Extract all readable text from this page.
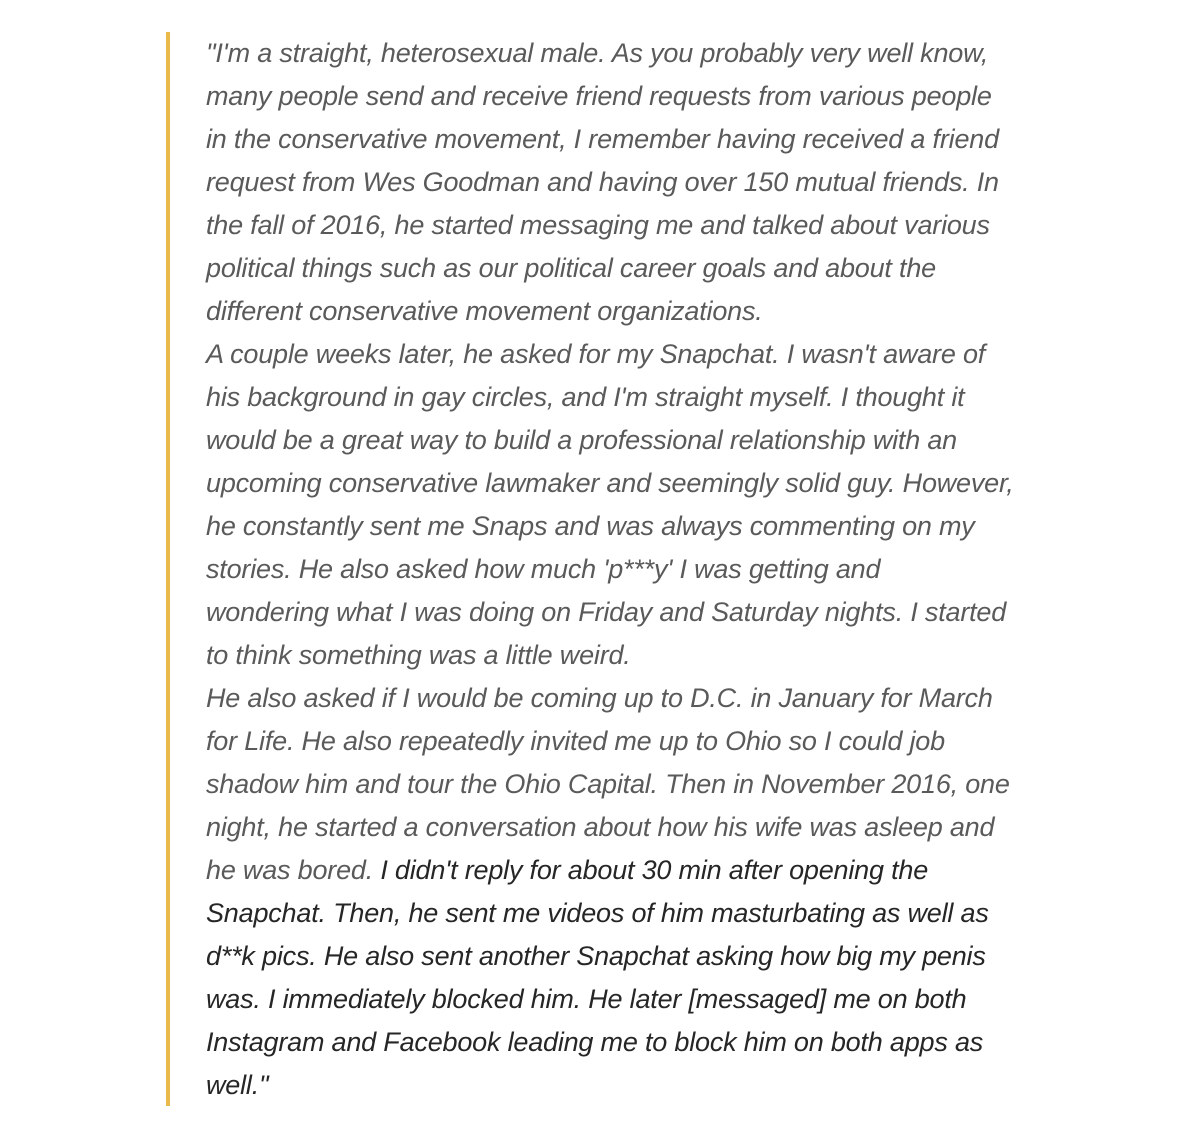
"I'm a straight, heterosexual male. As you probably very well know,
many people send and receive friend requests from various people
in the conservative movement, I remember having received a friend
request from Wes Goodman and having over 150 mutual friends. In
the fall of 2016, he started messaging me and talked about various
political things such as our political career goals and about the
different conservative movement organizations.
A couple weeks later, he asked for my Snapchat. I wasn't aware of
his background in gay circles, and I'm straight myself. I thought it
would be a great way to build a professional relationship with an
upcoming conservative lawmaker and seemingly solid guy. However,
he constantly sent me Snaps and was always commenting on my
stories. He also asked how much 'p***y' I was getting and
wondering what I was doing on Friday and Saturday nights. I started
to think something was a little weird.
He also asked if I would be coming up to D.C. in January for March
for Life. He also repeatedly invited me up to Ohio so I could job
shadow him and tour the Ohio Capital. Then in November 2016, one
night, he started a conversation about how his wife was asleep and
he was bored. I didn't reply for about 30 min after opening the
Snapchat. Then, he sent me videos of him masturbating as well as
d**k pics. He also sent another Snapchat asking how big my penis
was. I immediately blocked him. He later [messaged] me on both
Instagram and Facebook leading me to block him on both apps as
well."
